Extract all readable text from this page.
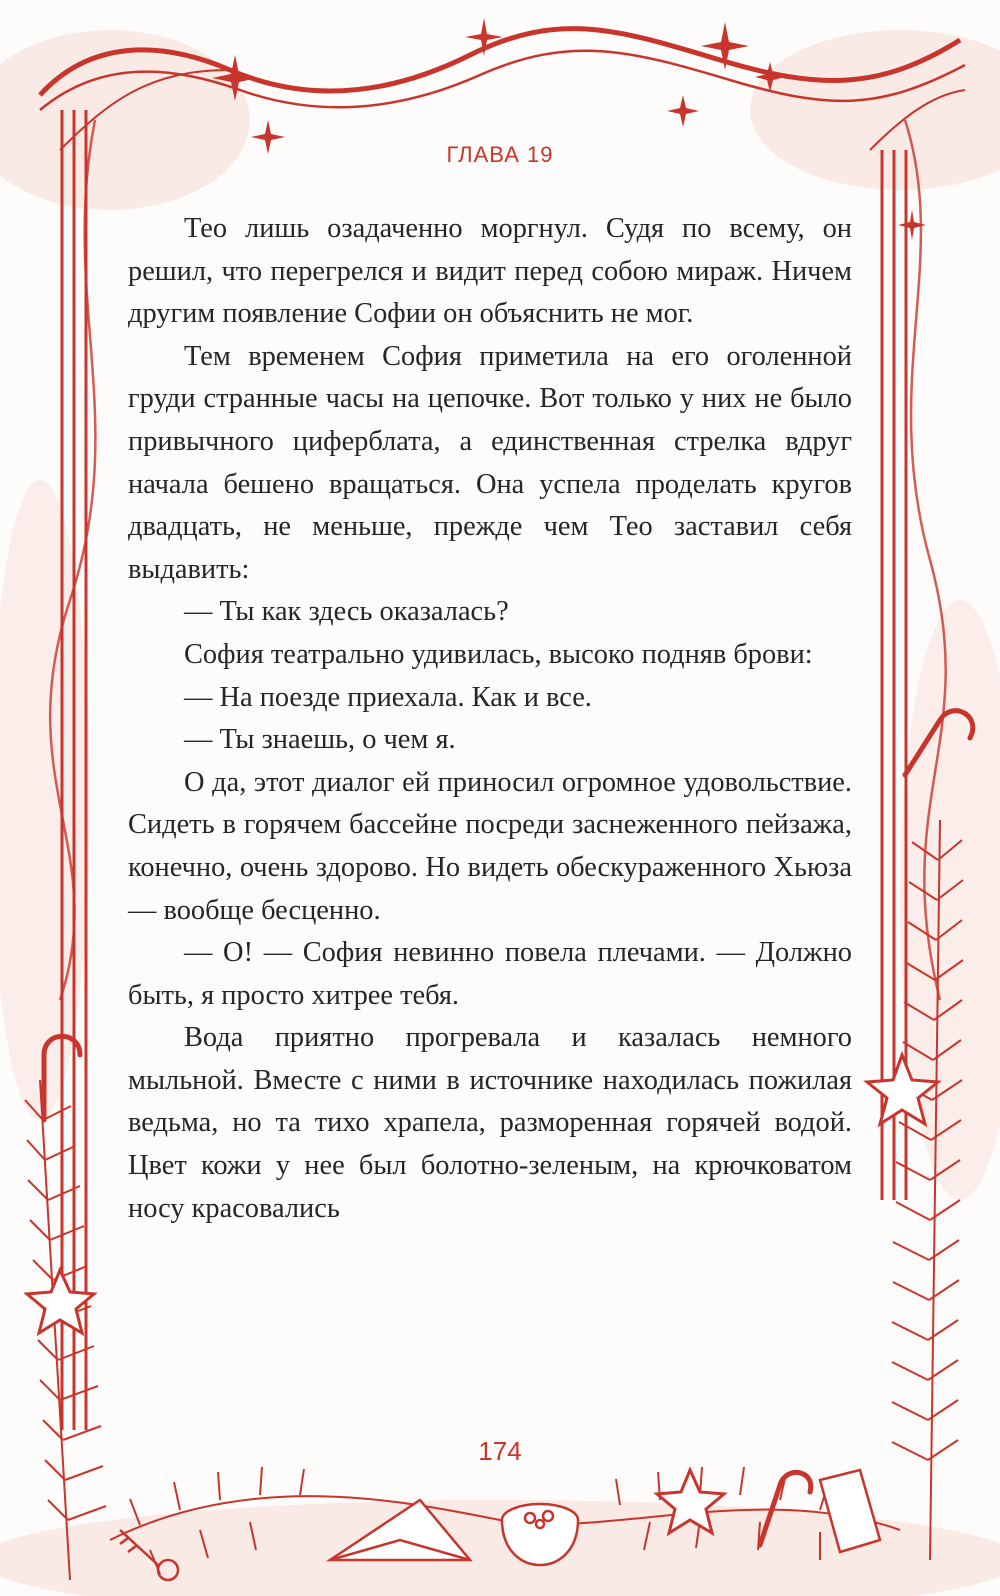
ГЛАВА 19

Тео лишь озадаченно моргнул. Судя по всему, он решил, что перегрелся и видит перед собою мираж. Ничем другим появление Софии он объяснить не мог.

Тем временем София приметила на его оголенной груди странные часы на цепочке. Вот только у них не было привычного циферблата, а единственная стрелка вдруг начала бешено вращаться. Она успела проделать кругов двадцать, не меньше, прежде чем Тео заставил себя выдавить:

— Ты как здесь оказалась?

София театрально удивилась, высоко подняв брови:

— На поезде приехала. Как и все.

— Ты знаешь, о чем я.

О да, этот диалог ей приносил огромное удовольствие. Сидеть в горячем бассейне посреди заснеженного пейзажа, конечно, очень здорово. Но видеть обескураженного Хьюза — вообще бесценно.

— О! — София невинно повела плечами. — Должно быть, я просто хитрее тебя.

Вода приятно прогревала и казалась немного мыльной. Вместе с ними в источнике находилась пожилая ведьма, но та тихо храпела, разморенная горячей водой. Цвет кожи у нее был болотно-зеленым, на крючковатом носу красовались

174
